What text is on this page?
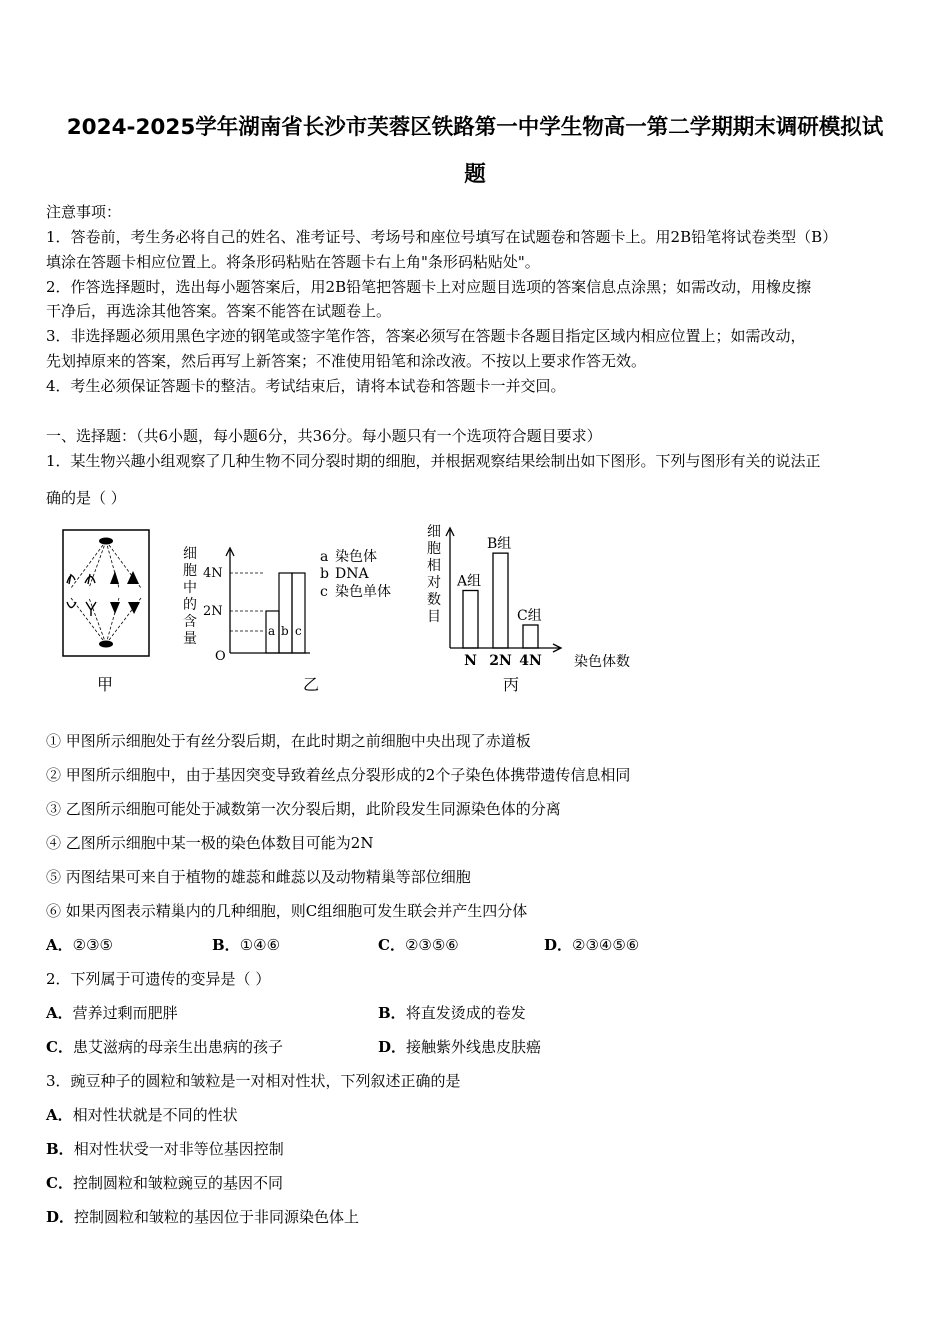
2024-2025学年湖南省长沙市芙蓉区铁路第一中学生物高一第二学期期末调研模拟试
题
注意事项：
1．答卷前，考生务必将自己的姓名、准考证号、考场号和座位号填写在试题卷和答题卡上。用2B铅笔将试卷类型（B）
填涂在答题卡相应位置上。将条形码粘贴在答题卡右上角"条形码粘贴处"。
2．作答选择题时，选出每小题答案后，用2B铅笔把答题卡上对应题目选项的答案信息点涂黑；如需改动，用橡皮擦
干净后，再选涂其他答案。答案不能答在试题卷上。
3．非选择题必须用黑色字迹的钢笔或签字笔作答，答案必须写在答题卡各题目指定区域内相应位置上；如需改动，
先划掉原来的答案，然后再写上新答案；不准使用铅笔和涂改液。不按以上要求作答无效。
4．考生必须保证答题卡的整洁。考试结束后，请将本试卷和答题卡一并交回。
一、选择题：（共6小题，每小题6分，共36分。每小题只有一个选项符合题目要求）
1．某生物兴趣小组观察了几种生物不同分裂时期的细胞，并根据观察结果绘制出如下图形。下列与图形有关的说法正
确的是（ ）
甲
细
胞
中
的
含
量
4N
2N
O
a b c
a 染色体
b DNA
c 染色单体
乙
细
胞
相
对
数
目
A组
N
B组
2N
C组
4N 染色体数
丙
① 甲图所示细胞处于有丝分裂后期，在此时期之前细胞中央出现了赤道板
② 甲图所示细胞中，由于基因突变导致着丝点分裂形成的2个子染色体携带遗传信息相同
③ 乙图所示细胞可能处于减数第一次分裂后期，此阶段发生同源染色体的分离
④ 乙图所示细胞中某一极的染色体数目可能为2N
⑤ 丙图结果可来自于植物的雄蕊和雌蕊以及动物精巢等部位细胞
⑥ 如果丙图表示精巢内的几种细胞，则C组细胞可发生联会并产生四分体
A．②③⑤	B．①④⑥	C．②③⑤⑥	D．②③④⑤⑥
2．下列属于可遗传的变异是（ ）
A．营养过剩而肥胖	B．将直发烫成的卷发
C．患艾滋病的母亲生出患病的孩子	D．接触紫外线患皮肤癌
3．豌豆种子的圆粒和皱粒是一对相对性状，下列叙述正确的是
A．相对性状就是不同的性状
B．相对性状受一对非等位基因控制
C．控制圆粒和皱粒豌豆的基因不同
D．控制圆粒和皱粒的基因位于非同源染色体上
